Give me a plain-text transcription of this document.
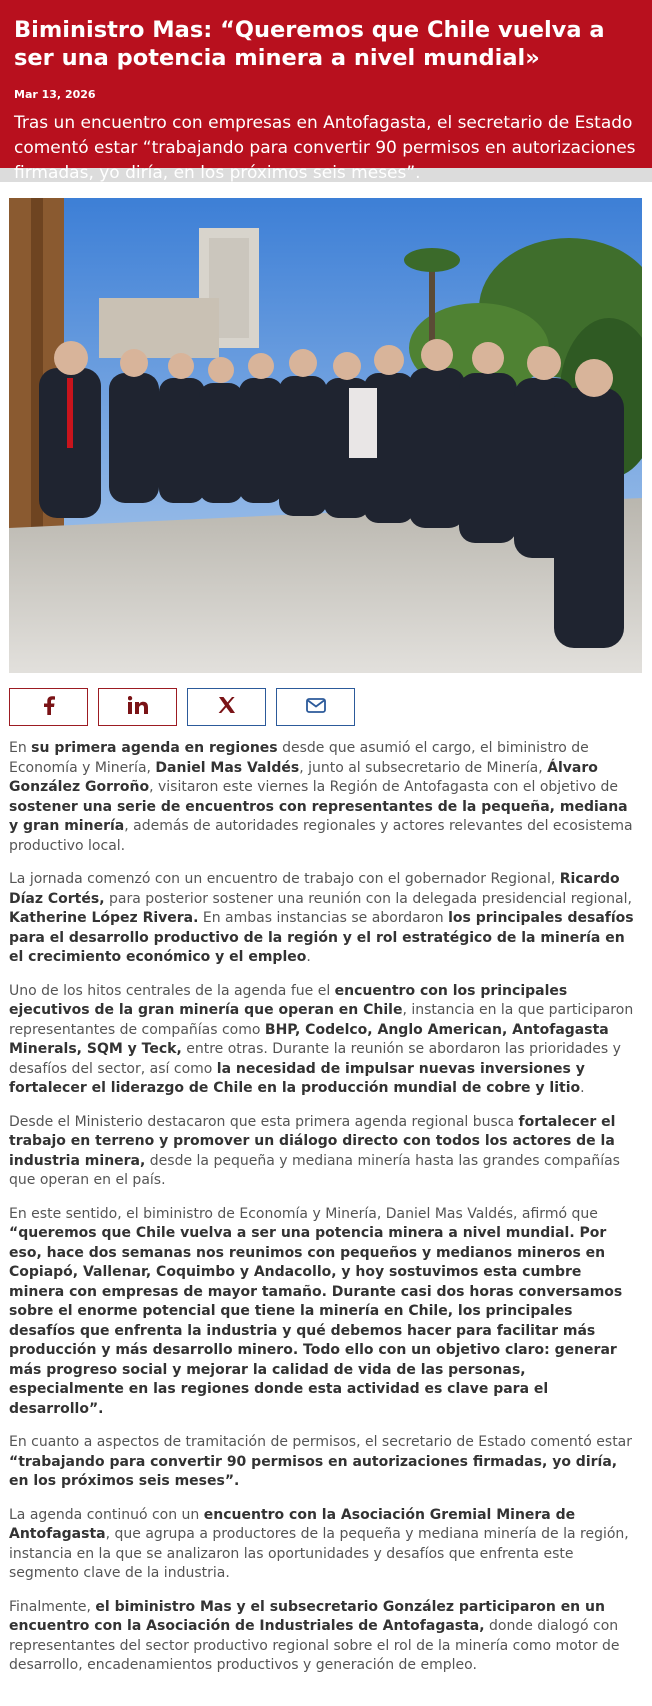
Biministro Mas: “Queremos que Chile vuelva a ser una potencia minera a nivel mundial»
Mar 13, 2026
Tras un encuentro con empresas en Antofagasta, el secretario de Estado comentó estar “trabajando para convertir 90 permisos en autorizaciones firmadas, yo diría, en los próximos seis meses”.

En su primera agenda en regiones desde que asumió el cargo, el biministro de Economía y Minería, Daniel Mas Valdés, junto al subsecretario de Minería, Álvaro González Gorroño, visitaron este viernes la Región de Antofagasta con el objetivo de sostener una serie de encuentros con representantes de la pequeña, mediana y gran minería, además de autoridades regionales y actores relevantes del ecosistema productivo local.

La jornada comenzó con un encuentro de trabajo con el gobernador Regional, Ricardo Díaz Cortés, para posterior sostener una reunión con la delegada presidencial regional, Katherine López Rivera. En ambas instancias se abordaron los principales desafíos para el desarrollo productivo de la región y el rol estratégico de la minería en el crecimiento económico y el empleo.

Uno de los hitos centrales de la agenda fue el encuentro con los principales ejecutivos de la gran minería que operan en Chile, instancia en la que participaron representantes de compañías como BHP, Codelco, Anglo American, Antofagasta Minerals, SQM y Teck, entre otras. Durante la reunión se abordaron las prioridades y desafíos del sector, así como la necesidad de impulsar nuevas inversiones y fortalecer el liderazgo de Chile en la producción mundial de cobre y litio.

Desde el Ministerio destacaron que esta primera agenda regional busca fortalecer el trabajo en terreno y promover un diálogo directo con todos los actores de la industria minera, desde la pequeña y mediana minería hasta las grandes compañías que operan en el país.

En este sentido, el biministro de Economía y Minería, Daniel Mas Valdés, afirmó que “queremos que Chile vuelva a ser una potencia minera a nivel mundial. Por eso, hace dos semanas nos reunimos con pequeños y medianos mineros en Copiapó, Vallenar, Coquimbo y Andacollo, y hoy sostuvimos esta cumbre minera con empresas de mayor tamaño. Durante casi dos horas conversamos sobre el enorme potencial que tiene la minería en Chile, los principales desafíos que enfrenta la industria y qué debemos hacer para facilitar más producción y más desarrollo minero. Todo ello con un objetivo claro: generar más progreso social y mejorar la calidad de vida de las personas, especialmente en las regiones donde esta actividad es clave para el desarrollo”.

En cuanto a aspectos de tramitación de permisos, el secretario de Estado comentó estar “trabajando para convertir 90 permisos en autorizaciones firmadas, yo diría, en los próximos seis meses”.

La agenda continuó con un encuentro con la Asociación Gremial Minera de Antofagasta, que agrupa a productores de la pequeña y mediana minería de la región, instancia en la que se analizaron las oportunidades y desafíos que enfrenta este segmento clave de la industria.

Finalmente, el biministro Mas y el subsecretario González participaron en un encuentro con la Asociación de Industriales de Antofagasta, donde dialogó con representantes del sector productivo regional sobre el rol de la minería como motor de desarrollo, encadenamientos productivos y generación de empleo.
